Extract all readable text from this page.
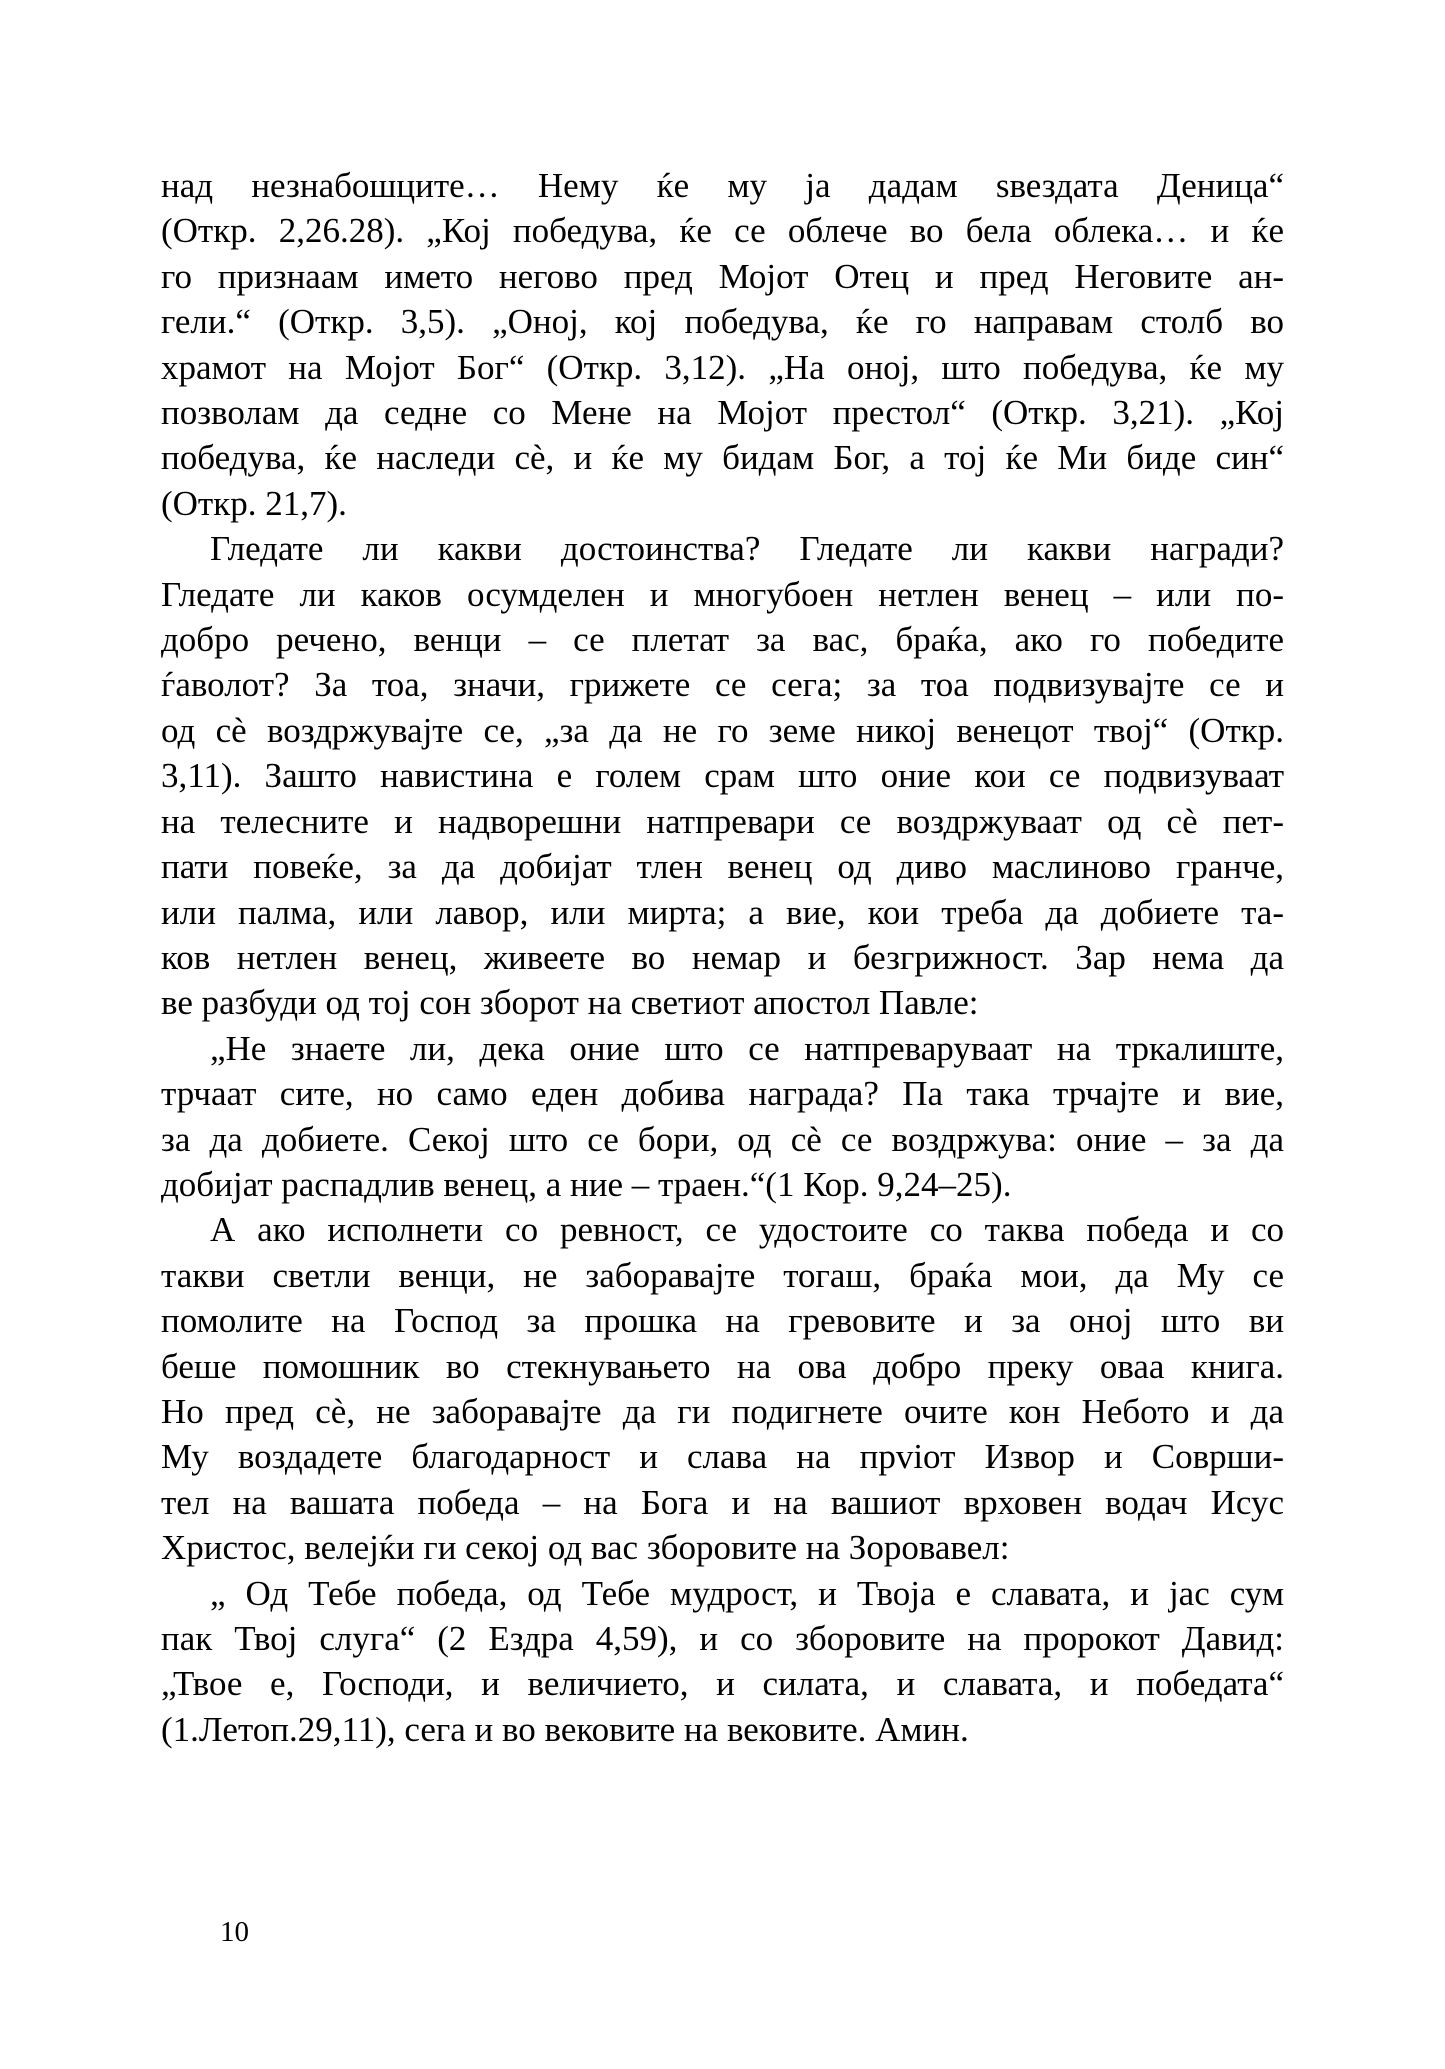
над незнабошците… Нему ќе му ја дадам ѕвездата Деница“
(Откр. 2,26.28). „Кој победува, ќе се облече во бела облека… и ќе
го признаам името негово пред Мојот Отец и пред Неговите ан-
гели.“ (Откр. 3,5). „Оној, кој победува, ќе го направам столб во
храмот на Мојот Бог“ (Откр. 3,12). „На оној, што победува, ќе му
позволам да седне со Мене на Мојот престол“ (Откр. 3,21). „Кој
победува, ќе наследи сè, и ќе му бидам Бог, а тој ќе Ми биде син“
(Откр. 21,7).

Гледате ли какви достоинства? Гледате ли какви награди?
Гледате ли каков осумделен и многубоен нетлен венец – или по-
добро речено, венци – се плетат за вас, браќа, ако го победите
ѓаволот? За тоа, значи, грижете се сега; за тоа подвизувајте се и
од сè воздржувајте се, „за да не го земе никој венецот твој“ (Откр.
3,11). Зашто навистина е голем срам што оние кои се подвизуваат
на телесните и надворешни натпревари се воздржуваат од сè пет-
пати повеќе, за да добијат тлен венец од диво маслиново гранче,
или палма, или лавор, или мирта; а вие, кои треба да добиете та-
ков нетлен венец, живеете во немар и безгрижност. Зар нема да
ве разбуди од тој сон зборот на светиот апостол Павле:

„Не знаете ли, дека оние што се натпреваруваат на тркалиште,
трчаат сите, но само еден добива награда? Па така трчајте и вие,
за да добиете. Секој што се бори, од сè се воздржува: оние – за да
добијат распадлив венец, а ние – траен.“(1 Кор. 9,24–25).

А ако исполнети со ревност, се удостоите со таква победа и со
такви светли венци, не заборавајте тогаш, браќа мои, да Му се
помолите на Господ за прошка на гревовите и за оној што ви
беше помошник во стекнувањето на ова добро преку оваа книга.
Но пред сè, не заборавајте да ги подигнете очите кон Небото и да
Му воздадете благодарност и слава на прviот Извор и Соврши-
тел на вашата победа – на Бога и на вашиот врховен водач Исус
Христос, велејќи ги секој од вас зборовите на Зоровавел:

„ Од Тебе победа, од Тебе мудрост, и Твоја е славата, и јас сум
пак Твој слуга“ (2 Ездра 4,59), и со зборовите на пророкот Давид:
„Твое е, Господи, и величието, и силата, и славата, и победата“
(1.Летоп.29,11), сега и во вековите на вековите. Амин.

10
